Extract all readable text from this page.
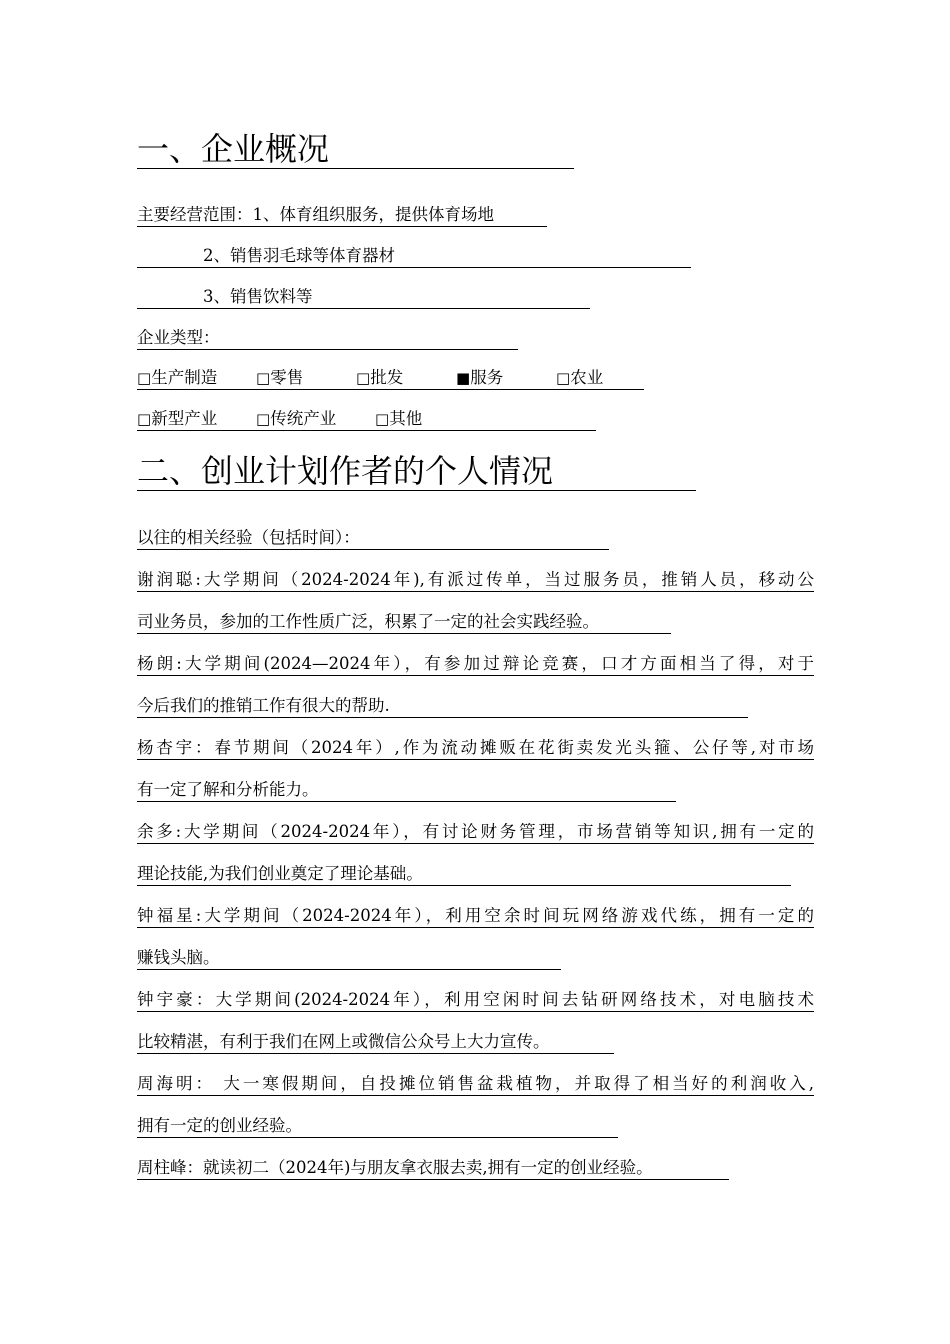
一、企业概况
主要经营范围：1、体育组织服务，提供体育场地
2、销售羽毛球等体育器材
3、销售饮料等
企业类型：
□生产制造	□零售	□批发	■服务	□农业
□新型产业	□传统产业	□其他
二、创业计划作者的个人情况
以往的相关经验（包括时间）：
谢润聪:大学期间（2024-2024年),有派过传单，当过服务员，推销人员，移动公
司业务员，参加的工作性质广泛，积累了一定的社会实践经验。
杨朗:大学期间(2024—2024年），有参加过辩论竞赛，口才方面相当了得，对于
今后我们的推销工作有很大的帮助.
杨杏宇：春节期间（2024年）,作为流动摊贩在花街卖发光头箍、公仔等,对市场
有一定了解和分析能力。
余多:大学期间（2024-2024年），有讨论财务管理，市场营销等知识,拥有一定的
理论技能,为我们创业奠定了理论基础。
钟福星:大学期间（2024-2024年），利用空余时间玩网络游戏代练，拥有一定的
赚钱头脑。
钟宇豪：大学期间(2024-2024年），利用空闲时间去钻研网络技术，对电脑技术
比较精湛，有利于我们在网上或微信公众号上大力宣传。
周海明： 大一寒假期间，自投摊位销售盆栽植物，并取得了相当好的利润收入,
拥有一定的创业经验。
周柱峰：就读初二（2024年)与朋友拿衣服去卖,拥有一定的创业经验。
